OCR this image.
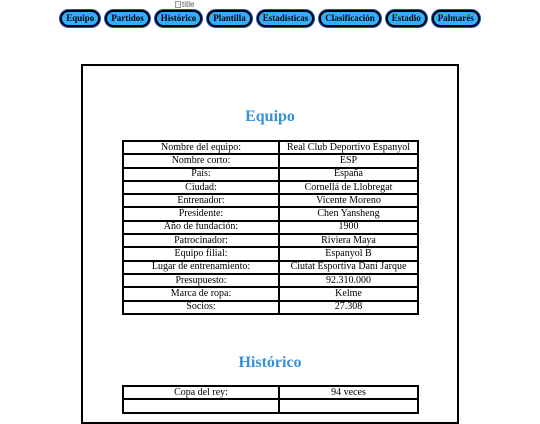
title
Equipo	Partidos	Histórico	Plantilla	Estadísticas	Clasificación	Estadio	Palmarés
Equipo
Nombre del equipo:	Real Club Deportivo Espanyol
Nombre corto:	ESP
País:	España
Ciudad:	Cornellá de Llobregat
Entrenador:	Vicente Moreno
Presidente:	Chen Yansheng
Año de fundación:	1900
Patrocinador:	Riviera Maya
Equipo filial:	Espanyol B
Lugar de entrenamiento:	Ciutat Esportiva Dani Jarque
Presupuesto:	92.310.000
Marca de ropa:	Kelme
Socios:	27.308
Histórico
Copa del rey:	94 veces
